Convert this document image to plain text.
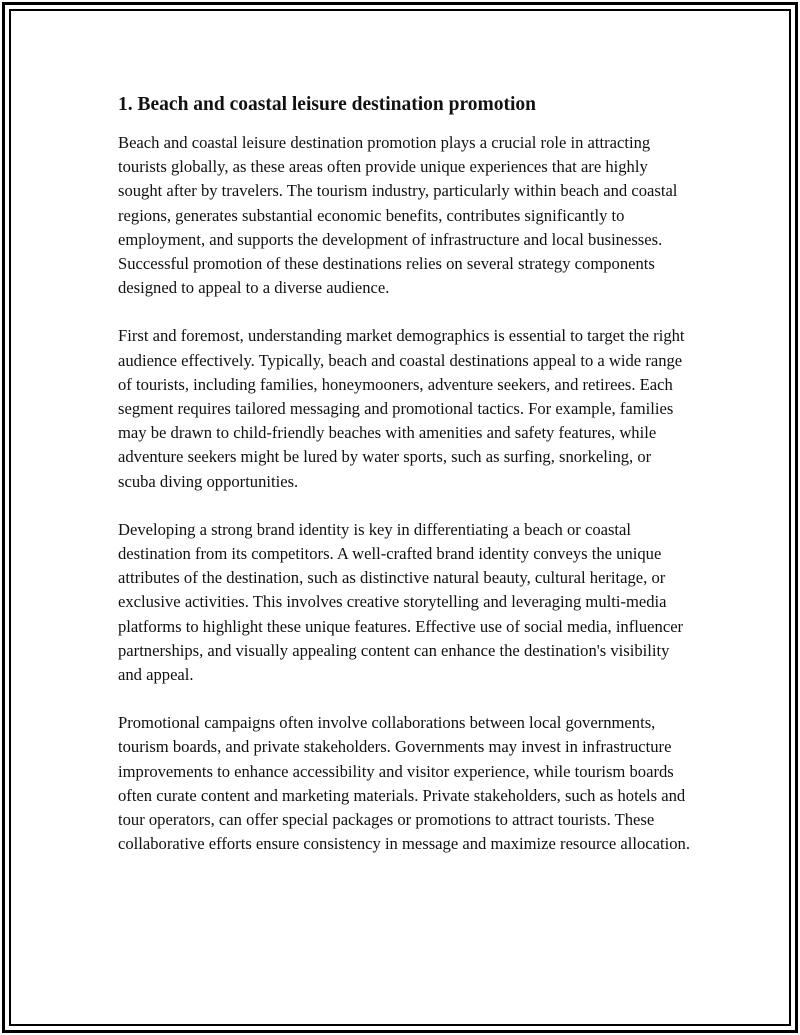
1. Beach and coastal leisure destination promotion

Beach and coastal leisure destination promotion plays a crucial role in attracting tourists globally, as these areas often provide unique experiences that are highly sought after by travelers. The tourism industry, particularly within beach and coastal regions, generates substantial economic benefits, contributes significantly to employment, and supports the development of infrastructure and local businesses. Successful promotion of these destinations relies on several strategy components designed to appeal to a diverse audience.

First and foremost, understanding market demographics is essential to target the right audience effectively. Typically, beach and coastal destinations appeal to a wide range of tourists, including families, honeymooners, adventure seekers, and retirees. Each segment requires tailored messaging and promotional tactics. For example, families may be drawn to child-friendly beaches with amenities and safety features, while adventure seekers might be lured by water sports, such as surfing, snorkeling, or scuba diving opportunities.

Developing a strong brand identity is key in differentiating a beach or coastal destination from its competitors. A well-crafted brand identity conveys the unique attributes of the destination, such as distinctive natural beauty, cultural heritage, or exclusive activities. This involves creative storytelling and leveraging multi-media platforms to highlight these unique features. Effective use of social media, influencer partnerships, and visually appealing content can enhance the destination's visibility and appeal.

Promotional campaigns often involve collaborations between local governments, tourism boards, and private stakeholders. Governments may invest in infrastructure improvements to enhance accessibility and visitor experience, while tourism boards often curate content and marketing materials. Private stakeholders, such as hotels and tour operators, can offer special packages or promotions to attract tourists. These collaborative efforts ensure consistency in message and maximize resource allocation.
